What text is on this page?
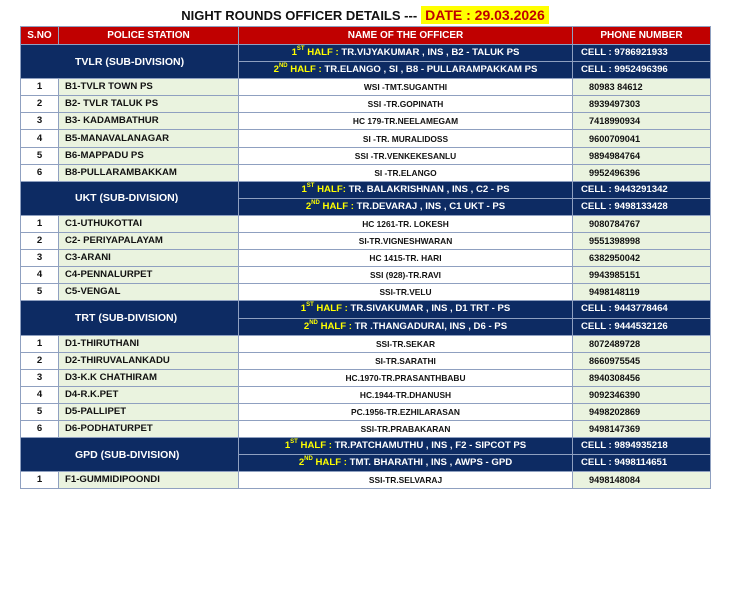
NIGHT ROUNDS OFFICER DETAILS --- DATE : 29.03.2026
S.NO	POLICE STATION	NAME OF THE OFFICER	PHONE NUMBER
TVLR (SUB-DIVISION)		1ST HALF : TR.VIJYAKUMAR , INS , B2 - TALUK PS	CELL : 9786921933
		2ND HALF : TR.ELANGO , SI , B8 - PULLARAMPAKKAM PS	CELL : 9952496396
1	B1-TVLR TOWN PS	WSI -TMT.SUGANTHI	80983 84612
2	B2- TVLR TALUK PS	SSI -TR.GOPINATH	8939497303
3	B3- KADAMBATHUR	HC 179-TR.NEELAMEGAM	7418990934
4	B5-MANAVALANAGAR	SI -TR. MURALIDOSS	9600709041
5	B6-MAPPADU PS	SSI -TR.VENKEKESANLU	9894984764
6	B8-PULLARAMBAKKAM	SI -TR.ELANGO	9952496396
UKT (SUB-DIVISION)		1ST HALF: TR. BALAKRISHNAN , INS , C2 - PS	CELL : 9443291342
		2ND HALF : TR.DEVARAJ , INS , C1 UKT - PS	CELL : 9498133428
1	C1-UTHUKOTTAI	HC 1261-TR. LOKESH	9080784767
2	C2- PERIYAPALAYAM	SI-TR.VIGNESHWARAN	9551398998
3	C3-ARANI	HC 1415-TR. HARI	6382950042
4	C4-PENNALURPET	SSI (928)-TR.RAVI	9943985151
5	C5-VENGAL	SSI-TR.VELU	9498148119
TRT (SUB-DIVISION)		1ST HALF : TR.SIVAKUMAR , INS , D1 TRT - PS	CELL : 9443778464
		2ND HALF : TR .THANGADURAI, INS , D6 - PS	CELL : 9444532126
1	D1-THIRUTHANI	SSI-TR.SEKAR	8072489728
2	D2-THIRUVALANKADU	SI-TR.SARATHI	8660975545
3	D3-K.K CHATHIRAM	HC.1970-TR.PRASANTHBABU	8940308456
4	D4-R.K.PET	HC.1944-TR.DHANUSH	9092346390
5	D5-PALLIPET	PC.1956-TR.EZHILARASAN	9498202869
6	D6-PODHATURPET	SSI-TR.PRABAKARAN	9498147369
GPD (SUB-DIVISION)		1ST HALF : TR.PATCHAMUTHU , INS , F2 - SIPCOT PS	CELL : 9894935218
		2ND HALF : TMT. BHARATHI , INS , AWPS - GPD	CELL : 9498114651
1	F1-GUMMIDIPOONDI	SSI-TR.SELVARAJ	9498148084
